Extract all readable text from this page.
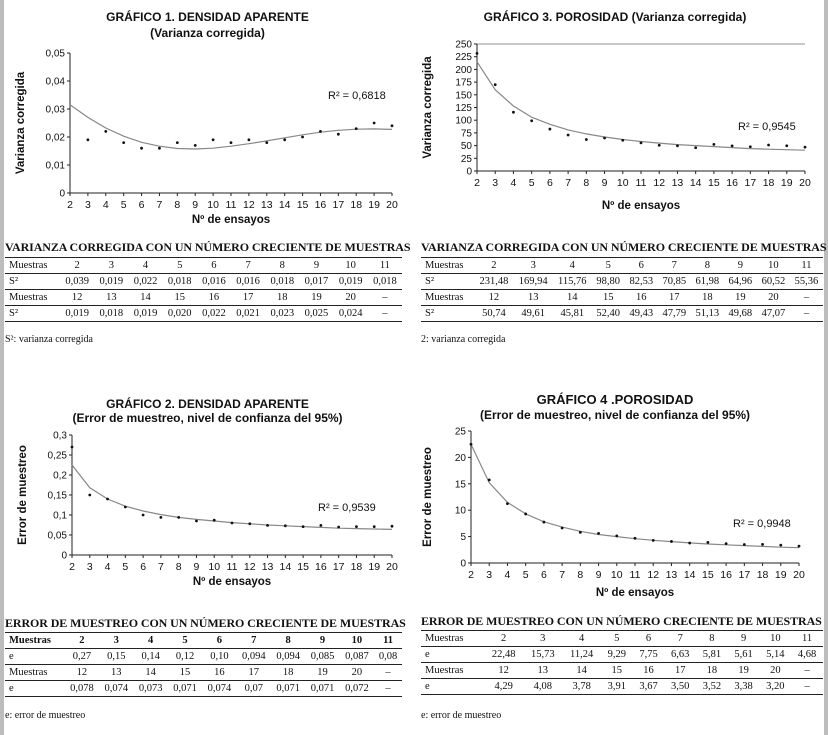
GRÁFICO 1. DENSIDAD APARENTE
(Varianza corregida)
0
0,01
0,02
0,03
0,04
0,05
2 3 4 5 6 7 8 9 10 11 12 13 14 15 16 17 18 19 20
R² = 0,6818
Nº de ensayos
Varianza corregida
GRÁFICO 3. POROSIDAD (Varianza corregida)
0
25
50
75
100
125
150
175
200
225
250
2 3 4 5 6 7 8 9 10 11 12 13 14 15 16 17 18 19 20
R² = 0,9545
Nº de ensayos
Varianza corregida
VARIANZA CORREGIDA CON UN NÚMERO CRECIENTE DE MUESTRAS
Muestras	2	3	4	5	6	7	8	9	10	11
S²	0,039	0,019	0,022	0,018	0,016	0,016	0,018	0,017	0,019	0,018
Muestras	12	13	14	15	16	17	18	19	20	–
S²	0,019	0,018	0,019	0,020	0,022	0,021	0,023	0,025	0,024	–
S²: varianza corregida
VARIANZA CORREGIDA CON UN NÚMERO CRECIENTE DE MUESTRAS
Muestras	2	3	4	5	6	7	8	9	10	11
S²	231,48	169,94	115,76	98,80	82,53	70,85	61,98	64,96	60,52	55,36
Muestras	12	13	14	15	16	17	18	19	20	–
S²	50,74	49,61	45,81	52,40	49,43	47,79	51,13	49,68	47,07	–
2: varianza corregida
GRÁFICO 2. DENSIDAD APARENTE
(Error de muestreo, nivel de confianza del 95%)
0
0,05
0,1
0,15
0,2
0,25
0,3
2 3 4 5 6 7 8 9 10 11 12 13 14 15 16 17 18 19 20
R² = 0,9539
Nº de ensayos
Error de muestreo
GRÁFICO 4 .POROSIDAD
(Error de muestreo, nivel de confianza del 95%)
0
5
10
15
20
25
2 3 4 5 6 7 8 9 10 11 12 13 14 15 16 17 18 19 20
R² = 0,9948
Nº de ensayos
Error de muestreo
ERROR DE MUESTREO CON UN NÚMERO CRECIENTE DE MUESTRAS
Muestras	2	3	4	5	6	7	8	9	10	11
e	0,27	0,15	0,14	0,12	0,10	0,094	0,094	0,085	0,087	0,08
Muestras	12	13	14	15	16	17	18	19	20	–
e	0,078	0,074	0,073	0,071	0,074	0,07	0,071	0,071	0,072	–
e: error de muestreo
ERROR DE MUESTREO CON UN NÚMERO CRECIENTE DE MUESTRAS
Muestras	2	3	4	5	6	7	8	9	10	11
e	22,48	15,73	11,24	9,29	7,75	6,63	5,81	5,61	5,14	4,68
Muestras	12	13	14	15	16	17	18	19	20	–
e	4,29	4,08	3,78	3,91	3,67	3,50	3,52	3,38	3,20	–
e: error de muestreo
